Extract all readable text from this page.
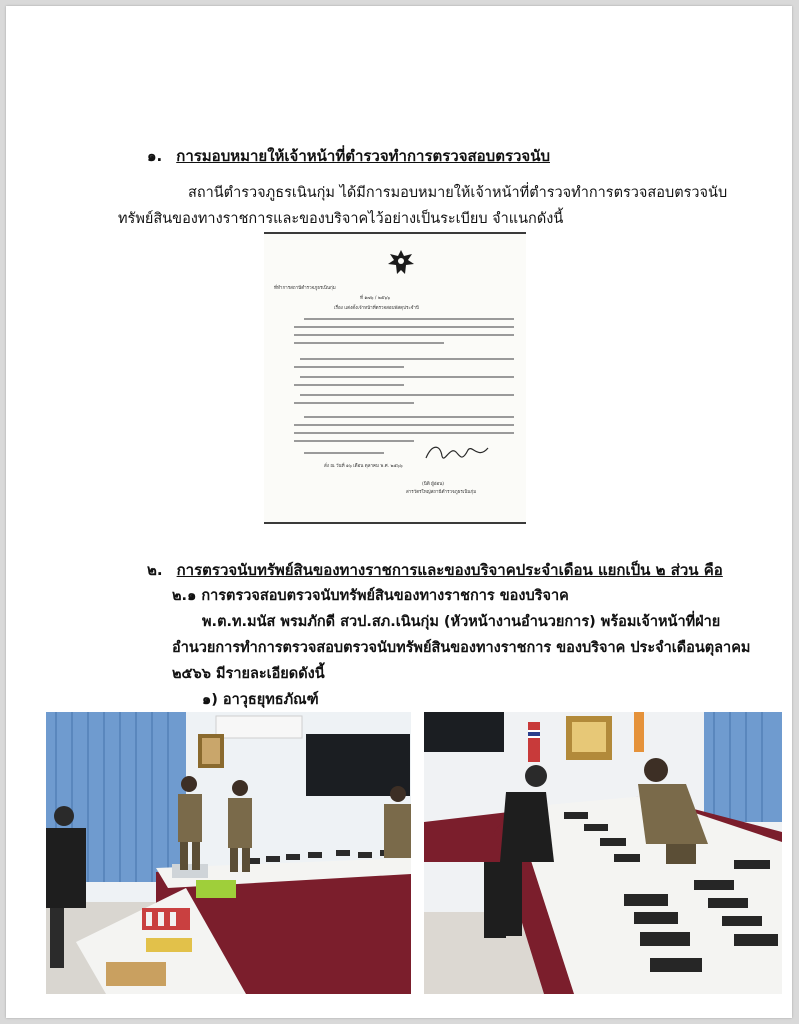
๑. การมอบหมายให้เจ้าหน้าที่ตำรวจทำการตรวจสอบตรวจนับ
สถานีตำรวจภูธรเนินกุ่ม ได้มีการมอบหมายให้เจ้าหน้าที่ตำรวจทำการตรวจสอบตรวจนับ
ทรัพย์สินของทางราชการและของบริจาคไว้อย่างเป็นระเบียบ จำแนกดังนี้
ที่ทำการสถานีตำรวจภูธรเนินกุ่ม
ที่ ๑๗๖ / ๒๕๖๖
เรื่อง แต่งตั้งเจ้าหน้าที่ตรวจสอบพัสดุประจำปี
สั่ง ณ วันที่ ๑๖ เดือน ตุลาคม พ.ศ. ๒๕๖๖
(นิติ ผู้อ่อน)
สารวัตรใหญ่สถานีตำรวจภูธรเนินกุ่ม
๒. การตรวจนับทรัพย์สินของทางราชการและของบริจาคประจำเดือน แยกเป็น ๒ ส่วน คือ
๒.๑ การตรวจสอบตรวจนับทรัพย์สินของทางราชการ ของบริจาค
พ.ต.ท.มนัส พรมภักดี สวป.สภ.เนินกุ่ม (หัวหน้างานอำนวยการ) พร้อมเจ้าหน้าที่ฝ่าย
อำนวยการทำการตรวจสอบตรวจนับทรัพย์สินของทางราชการ ของบริจาค ประจำเดือนตุลาคม
๒๕๖๖ มีรายละเอียดดังนี้
๑) อาวุธยุทธภัณฑ์
